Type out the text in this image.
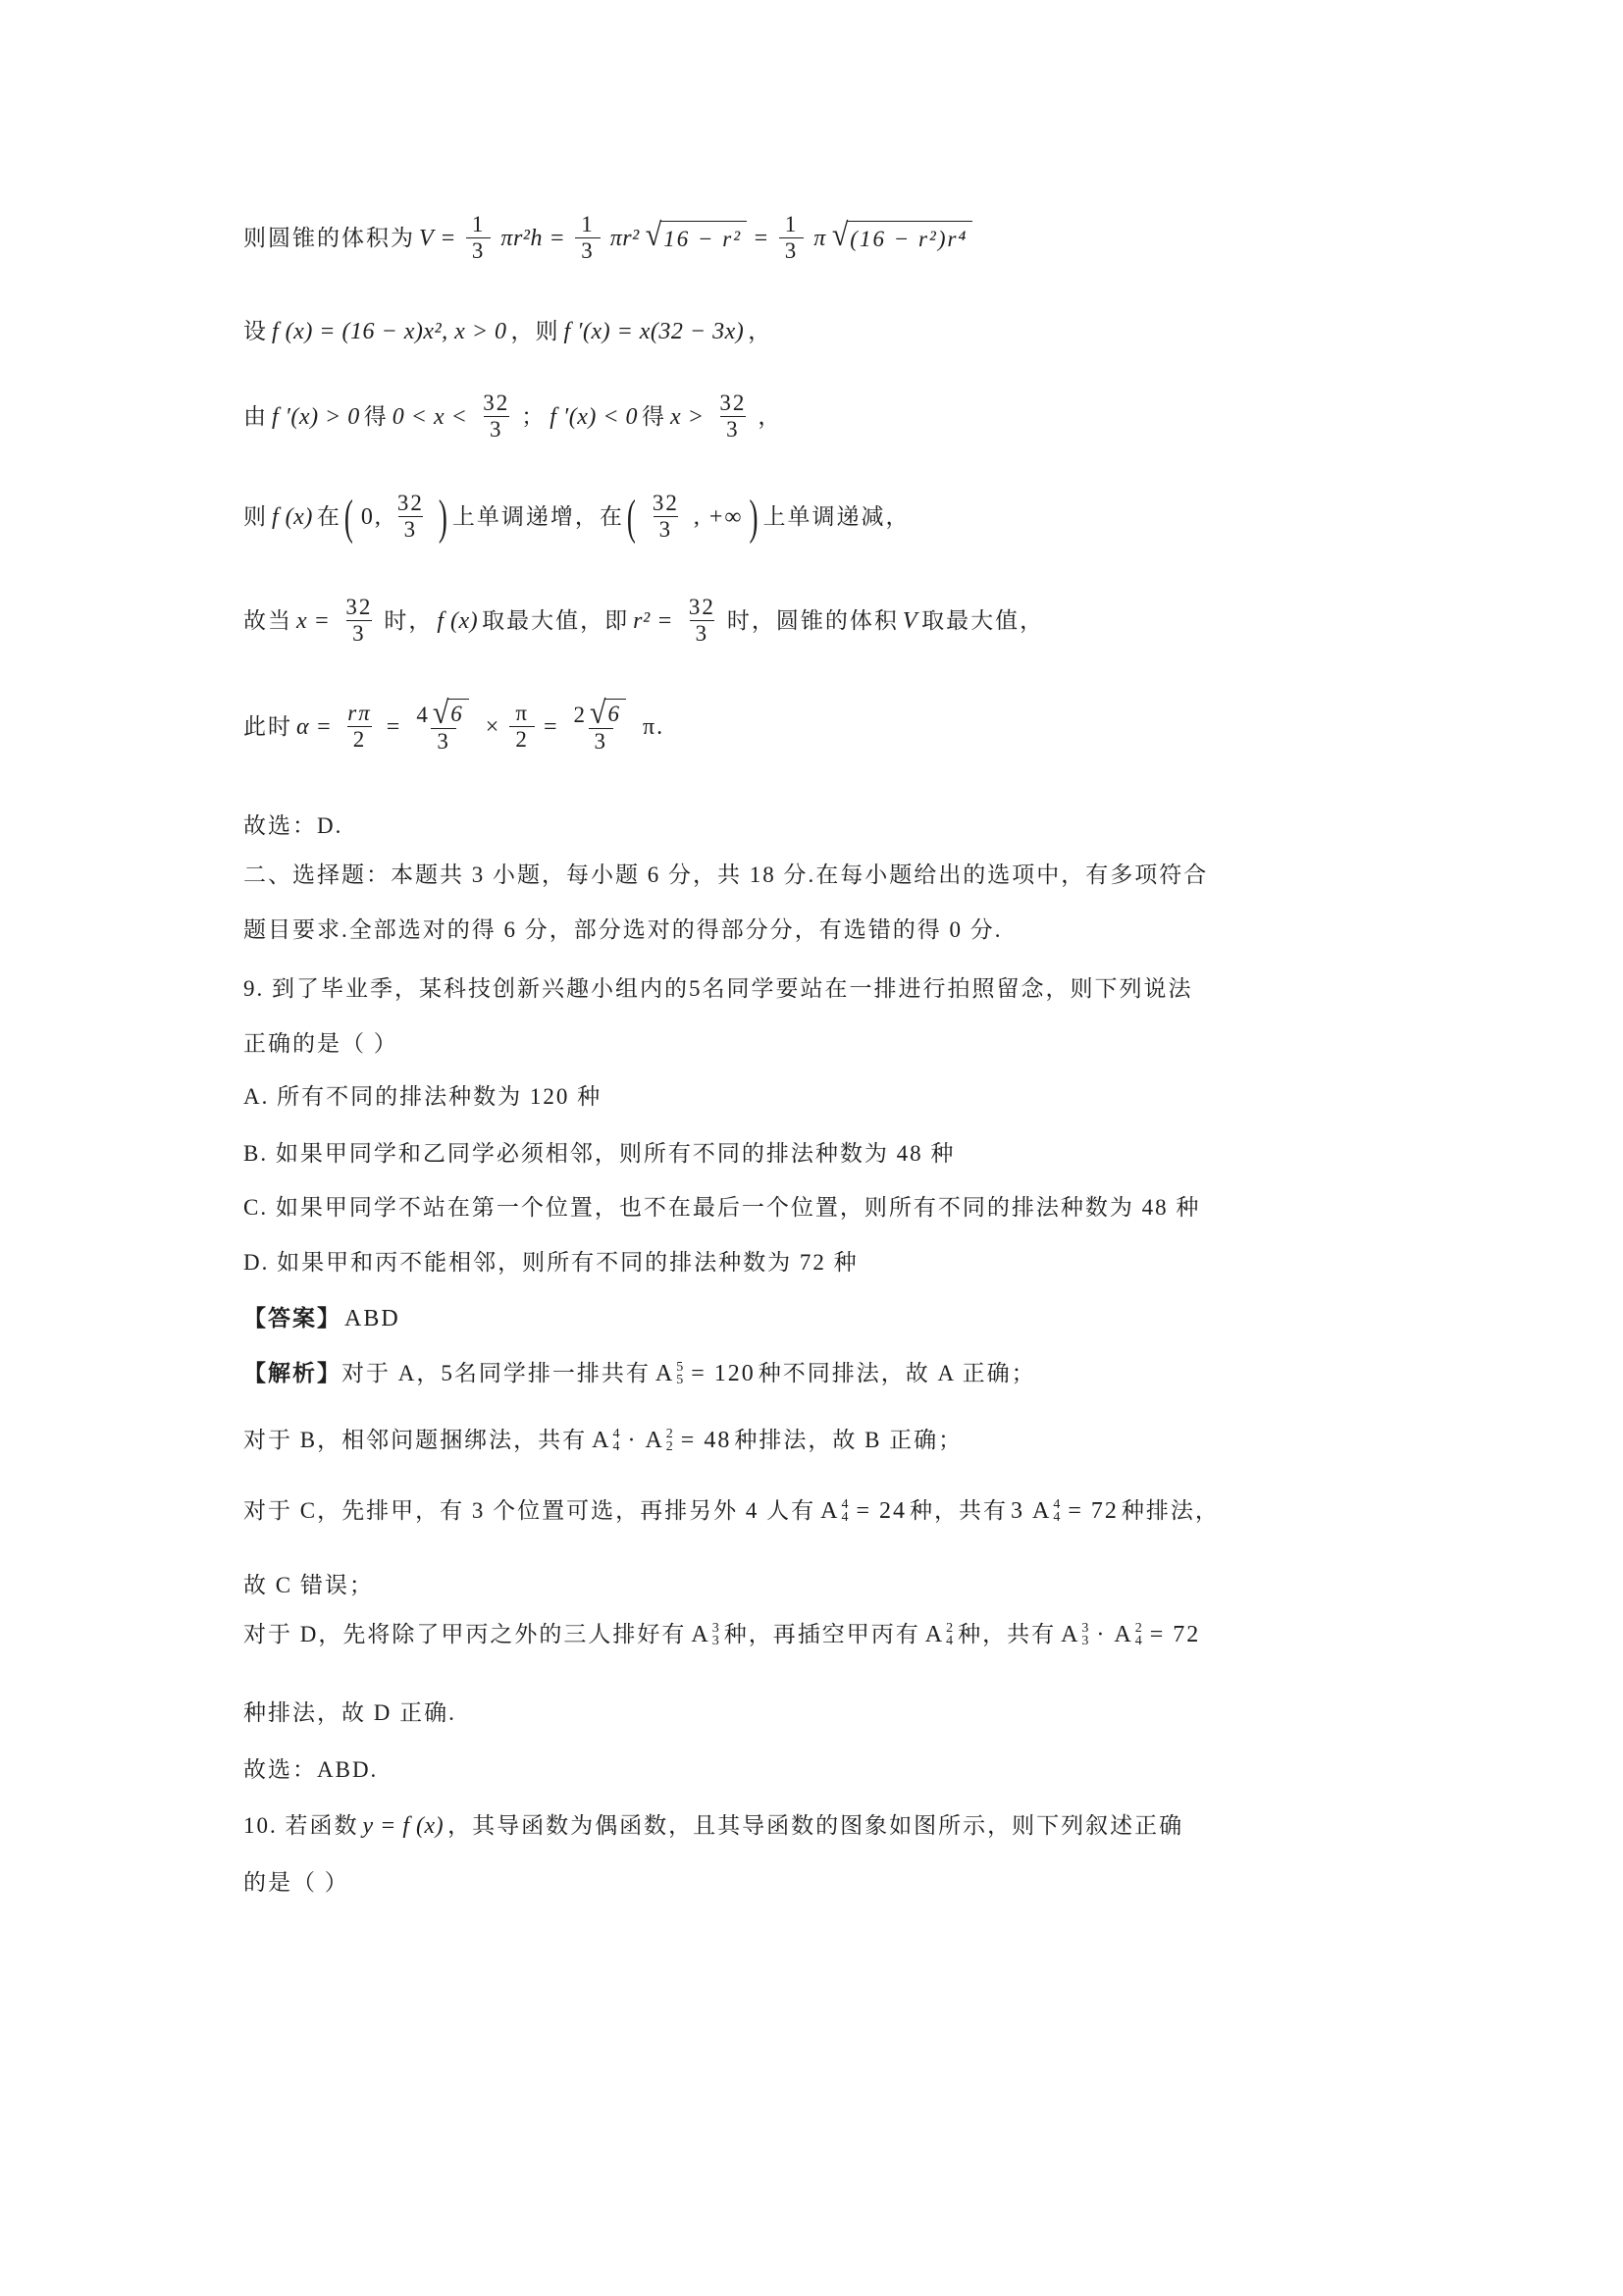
则圆锥的体积为 $V = \frac{1}{3} \pi r^2h = \frac{1}{3} \pi r^2$ √ $16 - r^2 = \frac{1}{3}$ π √ (16 − r²)r⁴
设 f (x) = (16 − x)x², x > 0 ，则 f ′(x) = x(32 − 3x) ，
由 f ′(x) > 0 得 $0 < x < \frac{32}{3}$ ； f ′(x) < 0 得 $x > \frac{32}{3}$ ，
则 f (x) 在 ( 0, $\frac{32}{3}$ ) 上单调递增，在 ( $\frac{32}{3}$ , +∞ ) 上单调递减，
故当 $x = \frac{32}{3}$ 时， f (x) 取最大值，即 $r^2 = \frac{32}{3}$ 时，圆锥的体积 V 取最大值，
此时 $\alpha = \frac{r\pi}{2} = \frac{4 √ 6}{3} \times \frac{\pi}{2} = \frac{2 √ 6}{3} \pi$.
故选：D.
二、选择题：本题共 3 小题，每小题 6 分，共 18 分.在每小题给出的选项中，有多项符合
题目要求.全部选对的得 6 分，部分选对的得部分分，有选错的得 0 分.
9. 到了毕业季，某科技创新兴趣小组内的5名同学要站在一排进行拍照留念，则下列说法
正确的是（ ）
A. 所有不同的排法种数为 120 种
B. 如果甲同学和乙同学必须相邻，则所有不同的排法种数为 48 种
C. 如果甲同学不站在第一个位置，也不在最后一个位置，则所有不同的排法种数为 48 种
D. 如果甲和丙不能相邻，则所有不同的排法种数为 72 种
【答案】 ABD
【解析】 对于 A，5名同学排一排共有 A 5
5 = 120 种不同排法，故 A 正确；
对于 B，相邻问题捆绑法，共有 A 4
4 · A 2
2 = 48 种排法，故 B 正确；
对于 C，先排甲，有 3 个位置可选，再排另外 4 人有 A 4
4 = 24 种，共有 3 A 4
4 = 72 种排法，
故 C 错误；
对于 D，先将除了甲丙之外的三人排好有 A 3
3 种，再插空甲丙有 A 2
4 种，共有 A 3
3 · A 2
4 = 72
种排法，故 D 正确.
故选：ABD.
10. 若函数 y = f (x) ，其导函数为偶函数，且其导函数的图象如图所示，则下列叙述正确
的是（ ）
